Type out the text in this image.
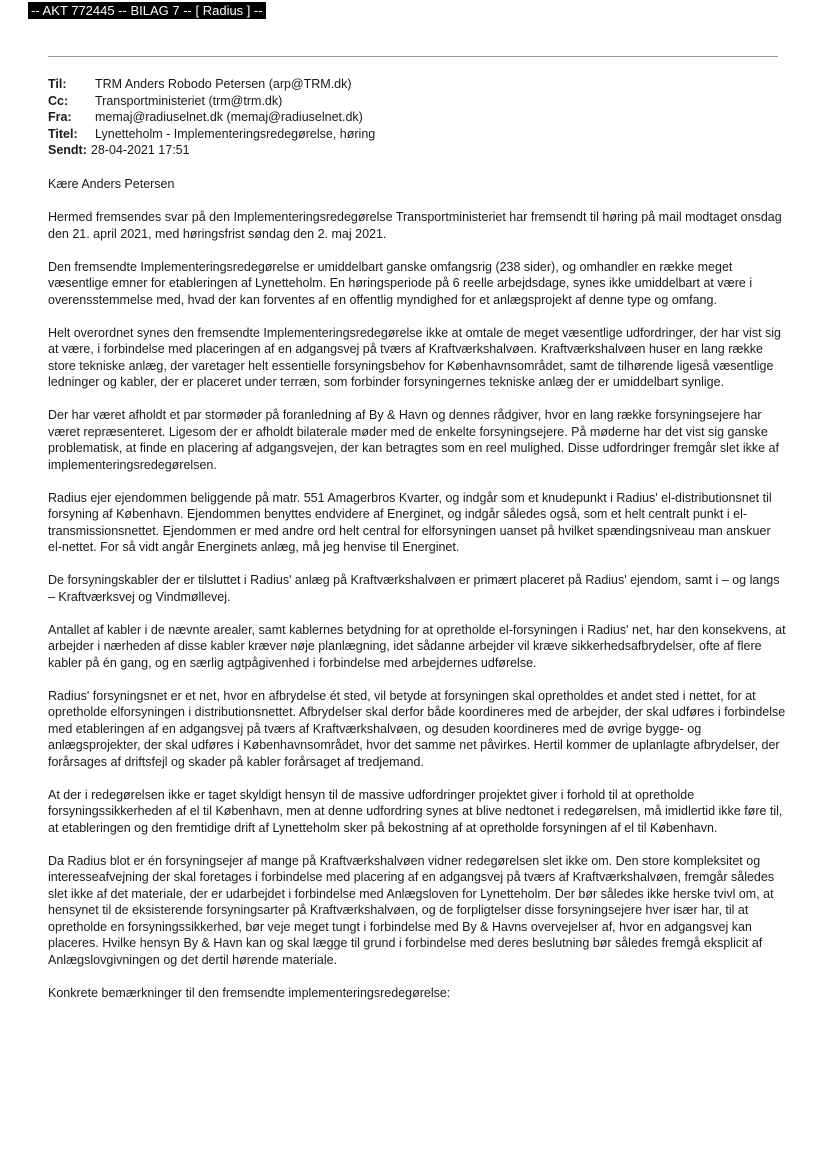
-- AKT 772445 -- BILAG 7 -- [ Radius ] --
Til:	TRM Anders Robodo Petersen (arp@TRM.dk)
Cc:	Transportministeriet (trm@trm.dk)
Fra:	memaj@radiuselnet.dk (memaj@radiuselnet.dk)
Titel:	Lynetteholm - Implementeringsredegørelse, høring
Sendt: 28-04-2021 17:51

Kære Anders Petersen

Hermed fremsendes svar på den Implementeringsredegørelse Transportministeriet har fremsendt til høring på mail modtaget onsdag den 21. april 2021, med høringsfrist søndag den 2. maj 2021.

Den fremsendte Implementeringsredegørelse er umiddelbart ganske omfangsrig (238 sider), og omhandler en række meget væsentlige emner for etableringen af Lynetteholm. En høringsperiode på 6 reelle arbejdsdage, synes ikke umiddelbart at være i overensstemmelse med, hvad der kan forventes af en offentlig myndighed for et anlægsprojekt af denne type og omfang.

Helt overordnet synes den fremsendte Implementeringsredegørelse ikke at omtale de meget væsentlige udfordringer, der har vist sig at være, i forbindelse med placeringen af en adgangsvej på tværs af Kraftværkshalvøen. Kraftværkshalvøen huser en lang række store tekniske anlæg, der varetager helt essentielle forsyningsbehov for Københavnsområdet, samt de tilhørende ligeså væsentlige ledninger og kabler, der er placeret under terræn, som forbinder forsyningernes tekniske anlæg der er umiddelbart synlige.

Der har været afholdt et par stormøder på foranledning af By & Havn og dennes rådgiver, hvor en lang række forsyningsejere har været repræsenteret. Ligesom der er afholdt bilaterale møder med de enkelte forsyningsejere. På møderne har det vist sig ganske problematisk, at finde en placering af adgangsvejen, der kan betragtes som en reel mulighed. Disse udfordringer fremgår slet ikke af implementeringsredegørelsen.

Radius ejer ejendommen beliggende på matr. 551 Amagerbros Kvarter, og indgår som et knudepunkt i Radius' el-distributionsnet til forsyning af København. Ejendommen benyttes endvidere af Energinet, og indgår således også, som et helt centralt punkt i el-transmissionsnettet. Ejendommen er med andre ord helt central for elforsyningen uanset på hvilket spændingsniveau man anskuer el-nettet. For så vidt angår Energinets anlæg, må jeg henvise til Energinet.

De forsyningskabler der er tilsluttet i Radius' anlæg på Kraftværkshalvøen er primært placeret på Radius' ejendom, samt i – og langs – Kraftværksvej og Vindmøllevej.

Antallet af kabler i de nævnte arealer, samt kablernes betydning for at opretholde el-forsyningen i Radius' net, har den konsekvens, at arbejder i nærheden af disse kabler kræver nøje planlægning, idet sådanne arbejder vil kræve sikkerhedsafbrydelser, ofte af flere kabler på én gang, og en særlig agtpågivenhed i forbindelse med arbejdernes udførelse.

Radius' forsyningsnet er et net, hvor en afbrydelse ét sted, vil betyde at forsyningen skal opretholdes et andet sted i nettet, for at opretholde elforsyningen i distributionsnettet. Afbrydelser skal derfor både koordineres med de arbejder, der skal udføres i forbindelse med etableringen af en adgangsvej på tværs af Kraftværkshalvøen, og desuden koordineres med de øvrige bygge- og anlægsprojekter, der skal udføres i Københavnsområdet, hvor det samme net påvirkes. Hertil kommer de uplanlagte afbrydelser, der forårsages af driftsfejl og skader på kabler forårsaget af tredjemand.

At der i redegørelsen ikke er taget skyldigt hensyn til de massive udfordringer projektet giver i forhold til at opretholde forsyningssikkerheden af el til København, men at denne udfordring synes at blive nedtonet i redegørelsen, må imidlertid ikke føre til, at etableringen og den fremtidige drift af Lynetteholm sker på bekostning af at opretholde forsyningen af el til København.

Da Radius blot er én forsyningsejer af mange på Kraftværkshalvøen vidner redegørelsen slet ikke om. Den store kompleksitet og interesseafvejning der skal foretages i forbindelse med placering af en adgangsvej på tværs af Kraftværkshalvøen, fremgår således slet ikke af det materiale, der er udarbejdet i forbindelse med Anlægsloven for Lynetteholm. Der bør således ikke herske tvivl om, at hensynet til de eksisterende forsyningsarter på Kraftværkshalvøen, og de forpligtelser disse forsyningsejere hver især har, til at opretholde en forsyningssikkerhed, bør veje meget tungt i forbindelse med By & Havns overvejelser af, hvor en adgangsvej kan placeres. Hvilke hensyn By & Havn kan og skal lægge til grund i forbindelse med deres beslutning bør således fremgå eksplicit af Anlægslovgivningen og det dertil hørende materiale.

Konkrete bemærkninger til den fremsendte implementeringsredegørelse:
